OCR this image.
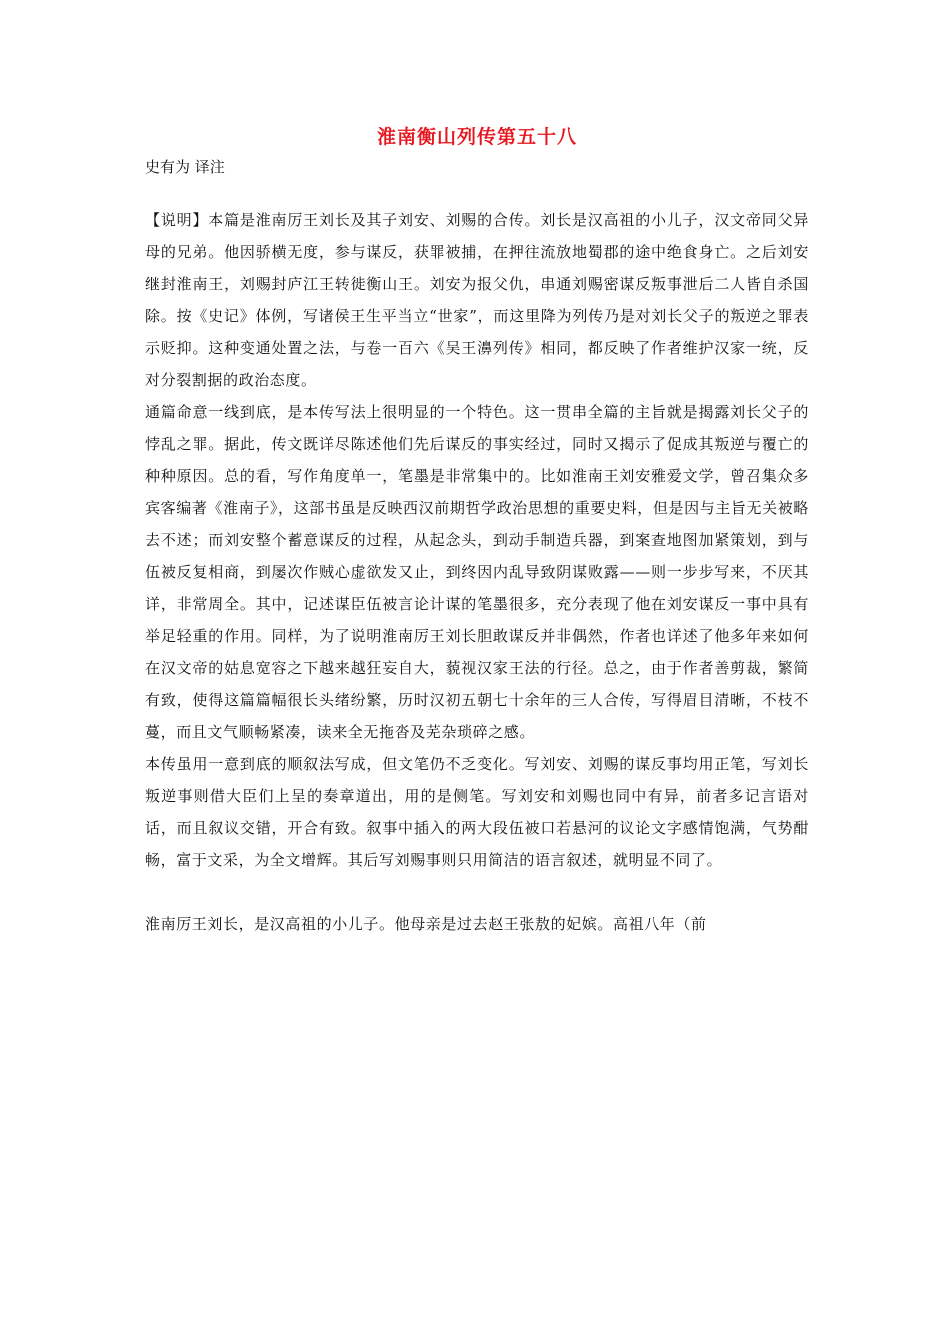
淮南衡山列传第五十八

史有为 译注

【说明】本篇是淮南厉王刘长及其子刘安、刘赐的合传。刘长是汉高祖的小儿子，汉文帝同父异母的兄弟。他因骄横无度，参与谋反，获罪被捕，在押往流放地蜀郡的途中绝食身亡。之后刘安继封淮南王，刘赐封庐江王转徙衡山王。刘安为报父仇，串通刘赐密谋反叛事泄后二人皆自杀国除。按《史记》体例，写诸侯王生平当立“世家”，而这里降为列传乃是对刘长父子的叛逆之罪表示贬抑。这种变通处置之法，与卷一百六《吴王濞列传》相同，都反映了作者维护汉家一统，反对分裂割据的政治态度。

通篇命意一线到底，是本传写法上很明显的一个特色。这一贯串全篇的主旨就是揭露刘长父子的悖乱之罪。据此，传文既详尽陈述他们先后谋反的事实经过，同时又揭示了促成其叛逆与覆亡的种种原因。总的看，写作角度单一，笔墨是非常集中的。比如淮南王刘安雅爱文学，曾召集众多宾客编著《淮南子》，这部书虽是反映西汉前期哲学政治思想的重要史料，但是因与主旨无关被略去不述；而刘安整个蓄意谋反的过程，从起念头，到动手制造兵器，到案查地图加紧策划，到与伍被反复相商，到屡次作贼心虚欲发又止，到终因内乱导致阴谋败露——则一步步写来，不厌其详，非常周全。其中，记述谋臣伍被言论计谋的笔墨很多，充分表现了他在刘安谋反一事中具有举足轻重的作用。同样，为了说明淮南厉王刘长胆敢谋反并非偶然，作者也详述了他多年来如何在汉文帝的姑息宽容之下越来越狂妄自大，藐视汉家王法的行径。总之，由于作者善剪裁，繁简有致，使得这篇篇幅很长头绪纷繁，历时汉初五朝七十余年的三人合传，写得眉目清晰，不枝不蔓，而且文气顺畅紧凑，读来全无拖沓及芜杂琐碎之感。

本传虽用一意到底的顺叙法写成，但文笔仍不乏变化。写刘安、刘赐的谋反事均用正笔，写刘长叛逆事则借大臣们上呈的奏章道出，用的是侧笔。写刘安和刘赐也同中有异，前者多记言语对话，而且叙议交错，开合有致。叙事中插入的两大段伍被口若悬河的议论文字感情饱满，气势酣畅，富于文采，为全文增辉。其后写刘赐事则只用简洁的语言叙述，就明显不同了。

淮南厉王刘长，是汉高祖的小儿子。他母亲是过去赵王张敖的妃嫔。高祖八年（前
